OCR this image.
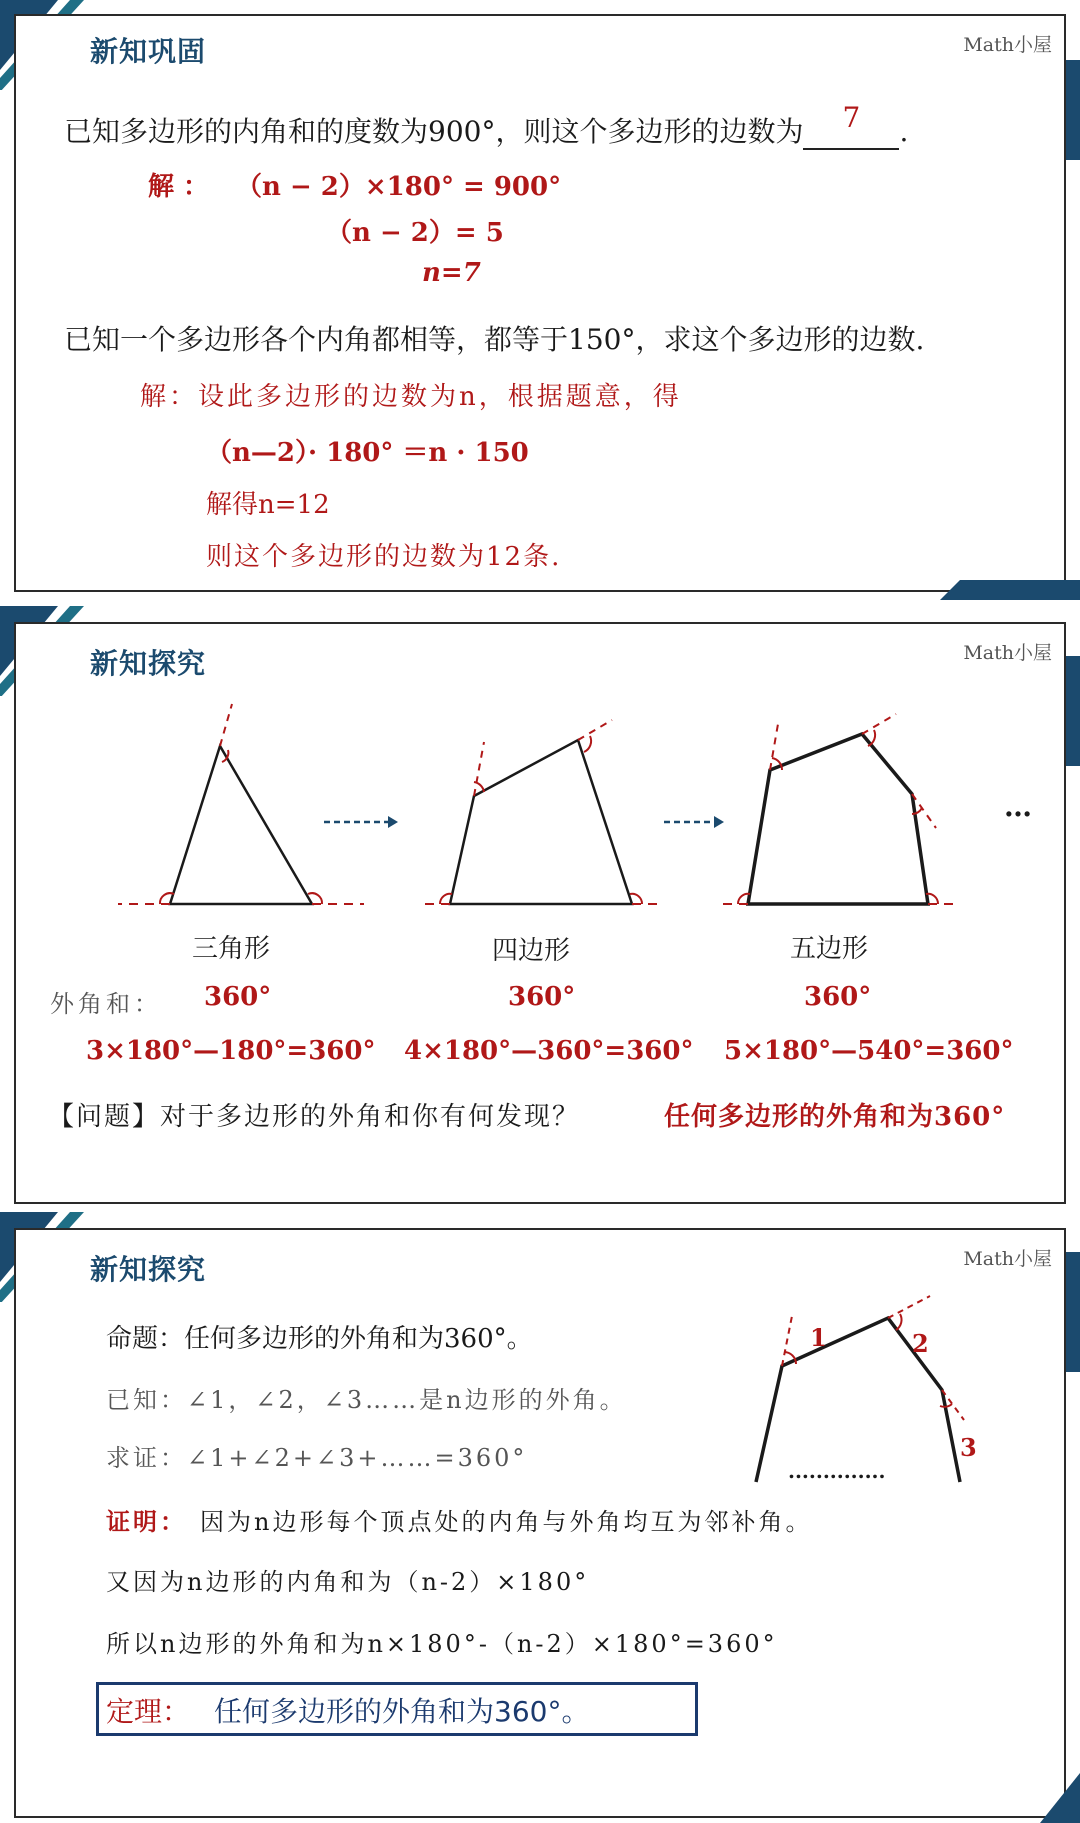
新知巩固	Math小屋
已知多边形的内角和的度数为900°，则这个多边形的边数为	7	.
解 ： （n − 2）×180° = 900°
（n − 2）= 5
n=7
已知一个多边形各个内角都相等，都等于150°，求这个多边形的边数.
解：设此多边形的边数为n，根据题意，得
（n—2）· 180° ＝n · 150
解得n=12
则这个多边形的边数为12条.
新知探究	Math小屋
…
三角形	四边形	五边形
外角和： 360°	360°	360°
3×180°—180°=360° 4×180°—360°=360° 5×180°—540°=360°
【问题】对于多边形的外角和你有何发现？	任何多边形的外角和为360°
新知探究	Math小屋
命题：任何多边形的外角和为360°。
已知：∠1，∠2，∠3……是n边形的外角。
求证：∠1+∠2+∠3+……=360°
1	2
3
..............
证明： 因为n边形每个顶点处的内角与外角均互为邻补角。
又因为n边形的内角和为（n-2）×180°
所以n边形的外角和为n×180°-（n-2）×180°=360°
定理： 任何多边形的外角和为360°。
